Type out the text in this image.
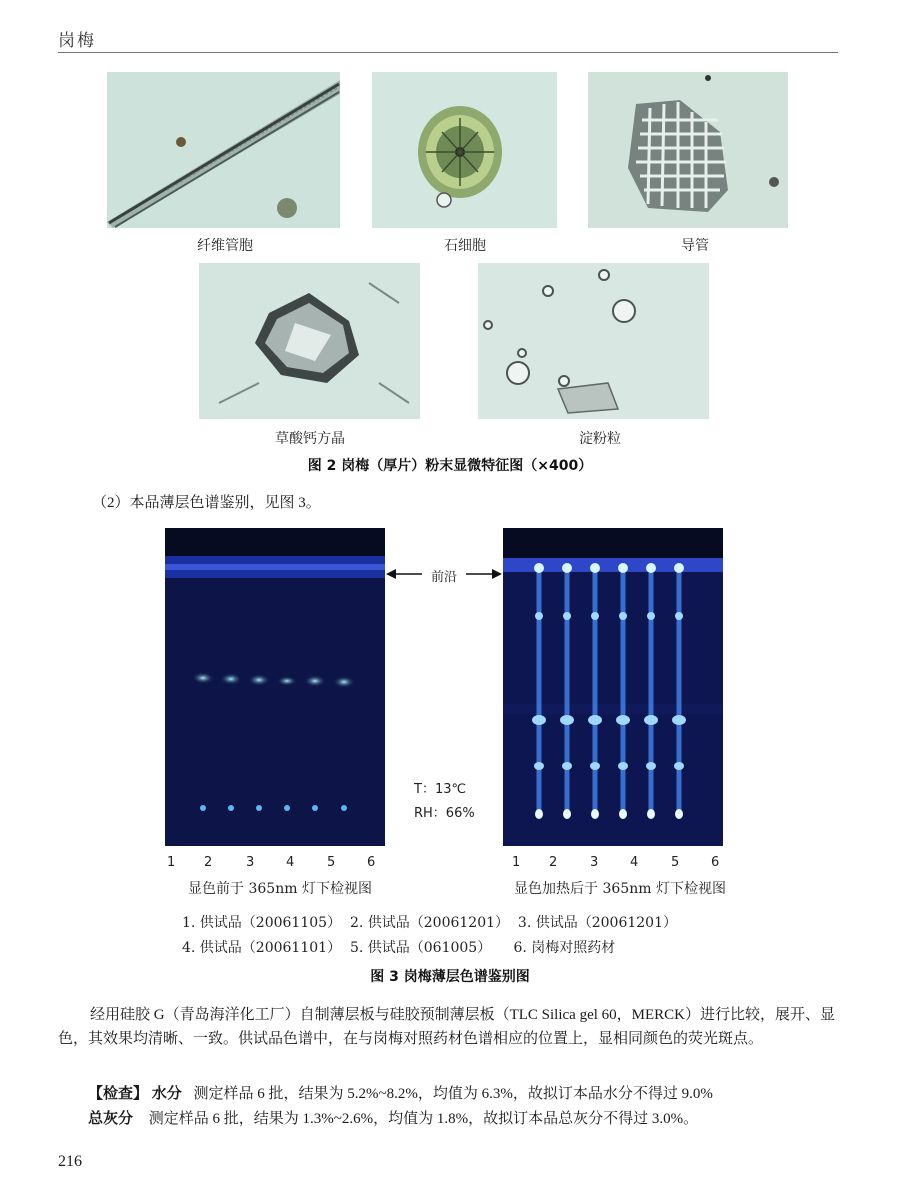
岗梅
纤维管胞	石细胞	导管
草酸钙方晶	淀粉粒
图 2 岗梅（厚片）粉末显微特征图（×400）
（2）本品薄层色谱鉴别，见图 3。
前沿
T：13℃
RH：66%
1 2	3 4	5 6	1 2	3 4	5 6
显色前于 365nm 灯下检视图	显色加热后于 365nm 灯下检视图
1. 供试品（20061105）  2. 供试品（20061201）  3. 供试品（20061201）
4. 供试品（20061101）  5. 供试品（061005）     6. 岗梅对照药材
图 3 岗梅薄层色谱鉴别图
经用硅胶 G（青岛海洋化工厂）自制薄层板与硅胶预制薄层板（TLC Silica gel 60，MERCK）进行比较，展开、显色，其效果均清晰、一致。供试品色谱中，在与岗梅对照药材色谱相应的位置上，显相同颜色的荧光斑点。
【检查】 水分 测定样品 6 批，结果为 5.2%~8.2%，均值为 6.3%，故拟订本品水分不得过 9.0%
总灰分 测定样品 6 批，结果为 1.3%~2.6%，均值为 1.8%，故拟订本品总灰分不得过 3.0%。
216
